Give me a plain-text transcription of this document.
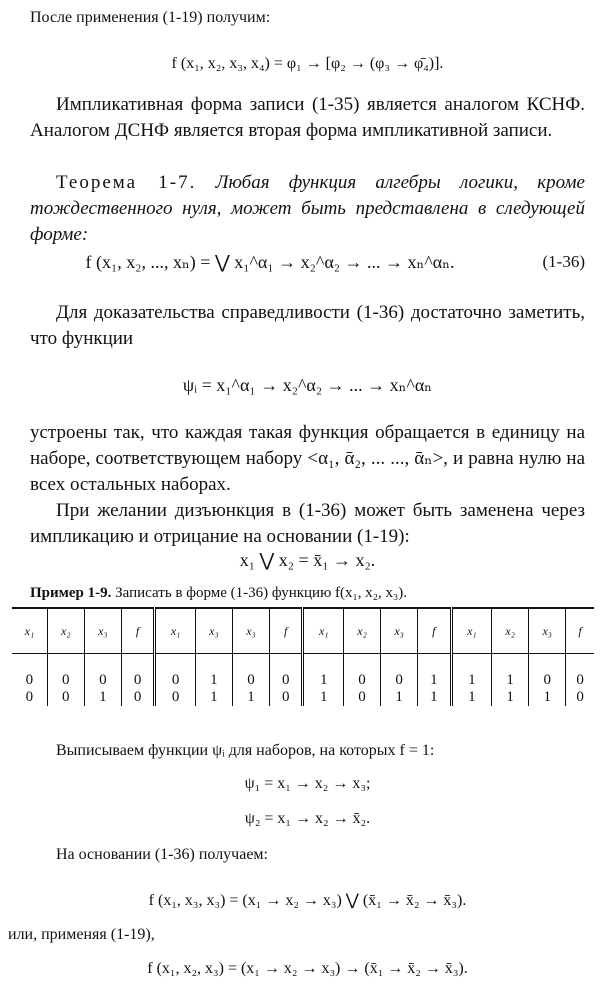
После применения (1-19) получим:

f (x₁, x₂, x₃, x₄) = φ₁ → [φ₂ → (φ₃ → φ̄₄)].

Импликативная форма записи (1-35) является аналогом КСНФ. Аналогом ДСНФ является вторая форма импликативной записи.

Теорема 1-7. Любая функция алгебры логики, кроме тождественного нуля, может быть представлена в следующей форме:

f (x₁, x₂, ..., xₙ) = ⋁ x₁^α₁ → x₂^α₂ → ... → xₙ^αₙ.	(1-36)

Для доказательства справедливости (1-36) достаточно заметить, что функции

ψᵢ = x₁^α₁ → x₂^α₂ → ... → xₙ^αₙ

устроены так, что каждая такая функция обращается в единицу на наборе, соответствующем набору <α₁, ᾱ₂, ... ..., ᾱₙ>, и равна нулю на всех остальных наборах.

При желании дизъюнкция в (1-36) может быть заменена через импликацию и отрицание на основании (1-19):

x₁ ⋁ x₂ = x̄₁ → x₂.

Пример 1-9. Записать в форме (1-36) функцию f(x₁, x₂, x₃).

x₁	x₂	x₃	f	x₁	x₃	x₃	f	x₁	x₂	x₃	f	x₁	x₂	x₃	f
0	0	0	0	0	1	0	0	1	0	0	1	1	1	0	0
0	0	1	0	0	1	1	0	1	0	1	1	1	1	1	0

Выписываем функции ψᵢ для наборов, на которых f = 1:

ψ₁ = x₁ → x₂ → x₃;
ψ₂ = x₁ → x₂ → x̄₂.

На основании (1-36) получаем:

f (x₁, x₃, x₃) = (x₁ → x₂ → x₃) ⋁ (x̄₁ → x̄₂ → x̄₃).

или, применяя (1-19),

f (x₁, x₂, x₃) = (x₁ → x₂ → x₃) → (x̄₁ → x̄₂ → x̄₃).
